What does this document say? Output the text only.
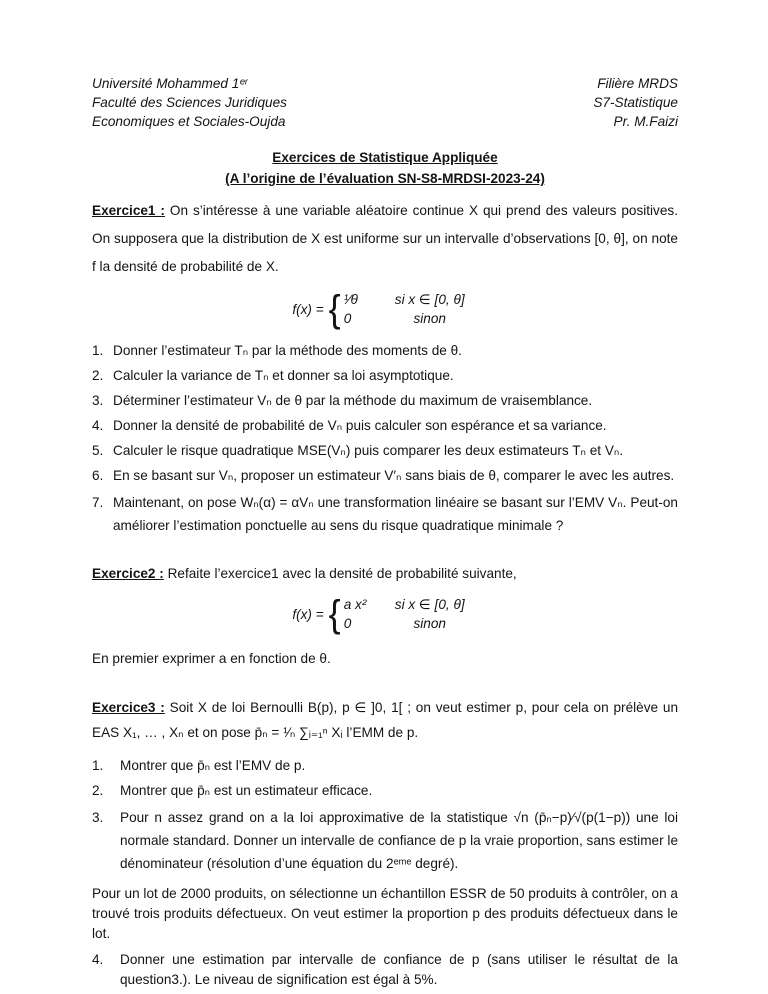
Université Mohammed 1ᵉʳ
Faculté des Sciences Juridiques
Economiques et Sociales-Oujda
Filière MRDS
S7-Statistique
Pr. M.Faizi
Exercices de Statistique Appliquée
(A l’origine de l’évaluation SN-S8-MRDSI-2023-24)

Exercice1 : On s’intéresse à une variable aléatoire continue X qui prend des valeurs positives. On supposera que la distribution de X est uniforme sur un intervalle d’observations [0, θ], on note f la densité de probabilité de X.

f(x) = { ¹⁄θ	si x ∈ [0, θ]
0	sinon
1. Donner l’estimateur Tₙ par la méthode des moments de θ.
2. Calculer la variance de Tₙ et donner sa loi asymptotique.
3. Déterminer l’estimateur Vₙ de θ par la méthode du maximum de vraisemblance.
4. Donner la densité de probabilité de Vₙ puis calculer son espérance et sa variance.
5. Calculer le risque quadratique MSE(Vₙ) puis comparer les deux estimateurs Tₙ et Vₙ.
6. En se basant sur Vₙ, proposer un estimateur V′ₙ sans biais de θ, comparer le avec les autres.
7. Maintenant, on pose Wₙ(α) = αVₙ une transformation linéaire se basant sur l’EMV Vₙ. Peut-on améliorer l’estimation ponctuelle au sens du risque quadratique minimale ?

Exercice2 : Refaite l’exercice1 avec la densité de probabilité suivante,

f(x) = { a x²	si x ∈ [0, θ]
0	sinon

En premier exprimer a en fonction de θ.

Exercice3 : Soit X de loi Bernoulli B(p), p ∈ ]0, 1[ ; on veut estimer p, pour cela on prélève un EAS X₁, … , Xₙ et on pose p̄ₙ = ¹⁄ₙ ∑ᵢ₌₁ⁿ Xᵢ l’EMM de p.

1.	Montrer que p̄ₙ est l’EMV de p.
2.	Montrer que p̄ₙ est un estimateur efficace.
3.	Pour n assez grand on a la loi approximative de la statistique √n (p̄ₙ−p)⁄√(p(1−p)) une loi normale standard. Donner un intervalle de confiance de p la vraie proportion, sans estimer le dénominateur (résolution d’une équation du 2ᵉᵐᵉ degré).

Pour un lot de 2000 produits, on sélectionne un échantillon ESSR de 50 produits à contrôler, on a trouvé trois produits défectueux. On veut estimer la proportion p des produits défectueux dans le lot.

4.	Donner une estimation par intervalle de confiance de p (sans utiliser le résultat de la question3.). Le niveau de signification est égal à 5%.
